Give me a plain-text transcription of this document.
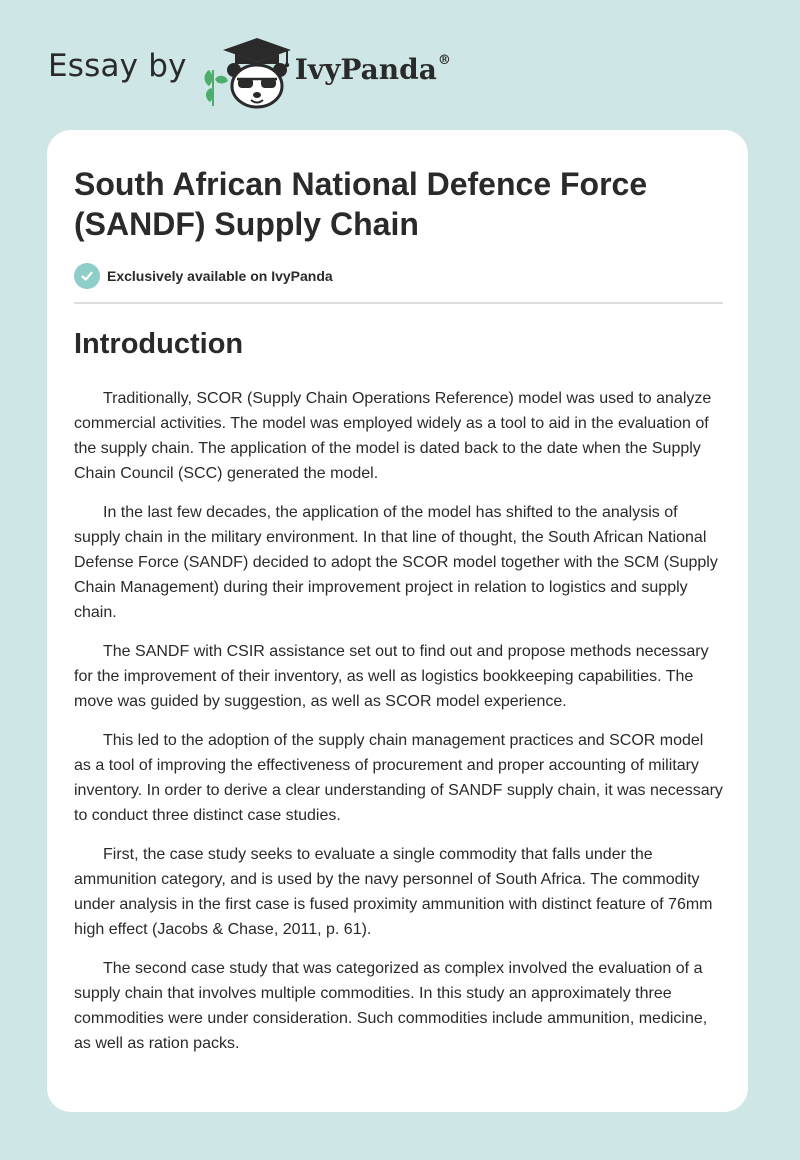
Essay by	IvyPanda®
South African National Defence Force (SANDF) Supply Chain
Exclusively available on IvyPanda
Introduction

Traditionally, SCOR (Supply Chain Operations Reference) model was used to analyze commercial activities. The model was employed widely as a tool to aid in the evaluation of the supply chain. The application of the model is dated back to the date when the Supply Chain Council (SCC) generated the model.

In the last few decades, the application of the model has shifted to the analysis of supply chain in the military environment. In that line of thought, the South African National Defense Force (SANDF) decided to adopt the SCOR model together with the SCM (Supply Chain Management) during their improvement project in relation to logistics and supply chain.

The SANDF with CSIR assistance set out to find out and propose methods necessary for the improvement of their inventory, as well as logistics bookkeeping capabilities. The move was guided by suggestion, as well as SCOR model experience.

This led to the adoption of the supply chain management practices and SCOR model as a tool of improving the effectiveness of procurement and proper accounting of military inventory. In order to derive a clear understanding of SANDF supply chain, it was necessary to conduct three distinct case studies.

First, the case study seeks to evaluate a single commodity that falls under the ammunition category, and is used by the navy personnel of South Africa. The commodity under analysis in the first case is fused proximity ammunition with distinct feature of 76mm high effect (Jacobs & Chase, 2011, p. 61).

The second case study that was categorized as complex involved the evaluation of a supply chain that involves multiple commodities. In this study an approximately three commodities were under consideration. Such commodities include ammunition, medicine, as well as ration packs.
